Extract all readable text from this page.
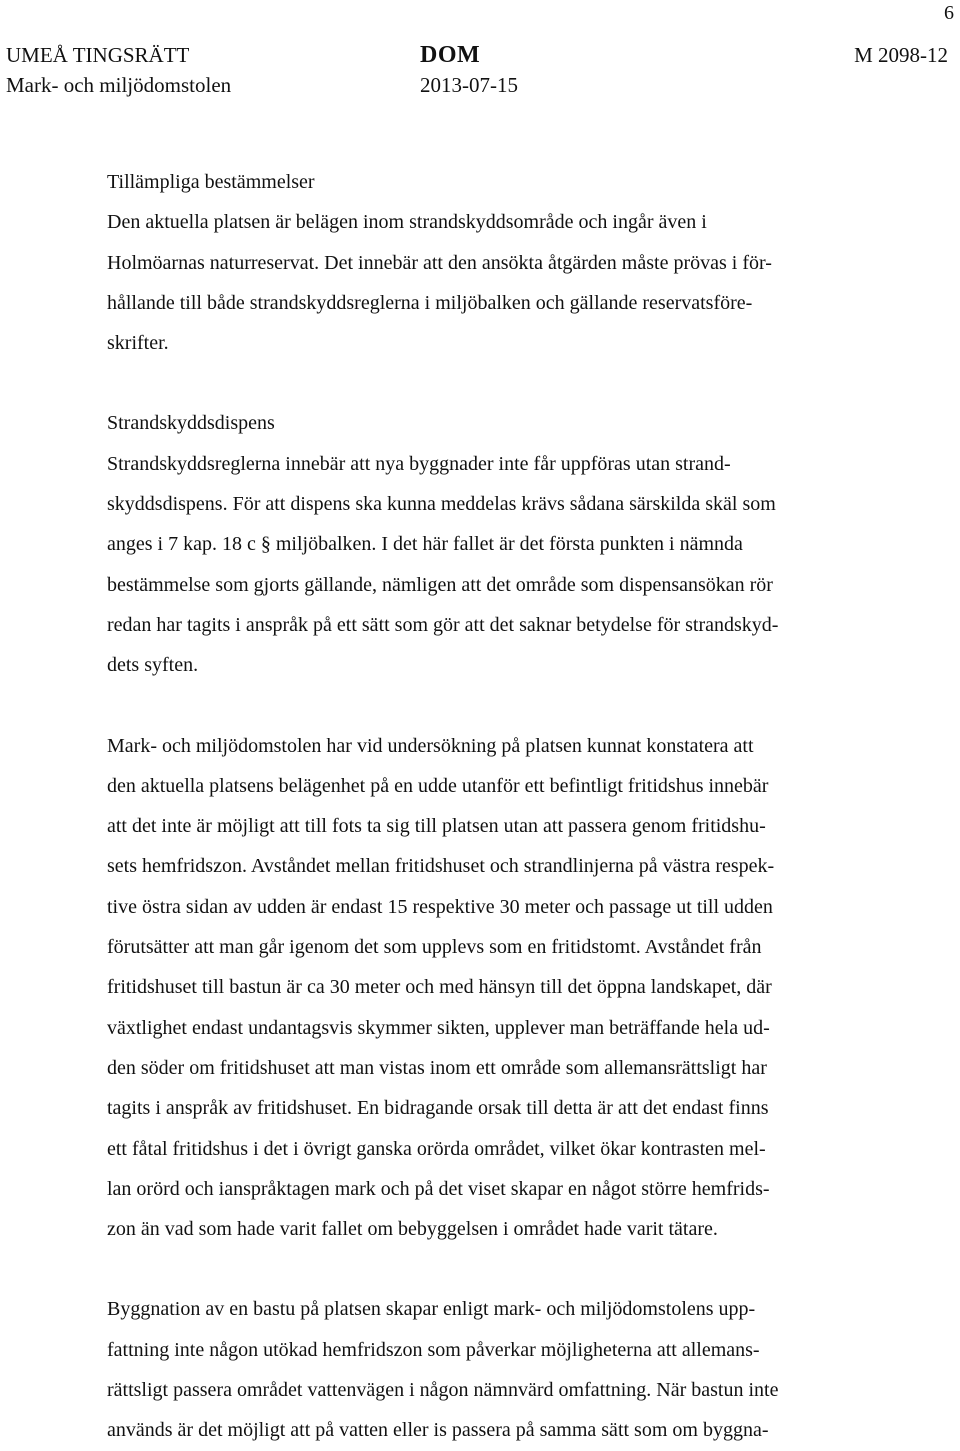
6
UMEÅ TINGSRÄTT
Mark- och miljödomstolen
DOM
2013-07-15
M 2098-12
Tillämpliga bestämmelser
Den aktuella platsen är belägen inom strandskyddsområde och ingår även i
Holmöarnas naturreservat. Det innebär att den ansökta åtgärden måste prövas i för-
hållande till både strandskyddsreglerna i miljöbalken och gällande reservatsföre-
skrifter.
Strandskyddsdispens
Strandskyddsreglerna innebär att nya byggnader inte får uppföras utan strand-
skyddsdispens. För att dispens ska kunna meddelas krävs sådana särskilda skäl som
anges i 7 kap. 18 c § miljöbalken. I det här fallet är det första punkten i nämnda
bestämmelse som gjorts gällande, nämligen att det område som dispensansökan rör
redan har tagits i anspråk på ett sätt som gör att det saknar betydelse för strandskyd-
dets syften.
Mark- och miljödomstolen har vid undersökning på platsen kunnat konstatera att
den aktuella platsens belägenhet på en udde utanför ett befintligt fritidshus innebär
att det inte är möjligt att till fots ta sig till platsen utan att passera genom fritidshu-
sets hemfridszon. Avståndet mellan fritidshuset och strandlinjerna på västra respek-
tive östra sidan av udden är endast 15 respektive 30 meter och passage ut till udden
förutsätter att man går igenom det som upplevs som en fritidstomt. Avståndet från
fritidshuset till bastun är ca 30 meter och med hänsyn till det öppna landskapet, där
växtlighet endast undantagsvis skymmer sikten, upplever man beträffande hela ud-
den söder om fritidshuset att man vistas inom ett område som allemansrättsligt har
tagits i anspråk av fritidshuset. En bidragande orsak till detta är att det endast finns
ett fåtal fritidshus i det i övrigt ganska orörda området, vilket ökar kontrasten mel-
lan orörd och ianspråktagen mark och på det viset skapar en något större hemfrids-
zon än vad som hade varit fallet om bebyggelsen i området hade varit tätare.
Byggnation av en bastu på platsen skapar enligt mark- och miljödomstolens upp-
fattning inte någon utökad hemfridszon som påverkar möjligheterna att allemans-
rättsligt passera området vattenvägen i någon nämnvärd omfattning. När bastun inte
används är det möjligt att på vatten eller is passera på samma sätt som om byggna-
